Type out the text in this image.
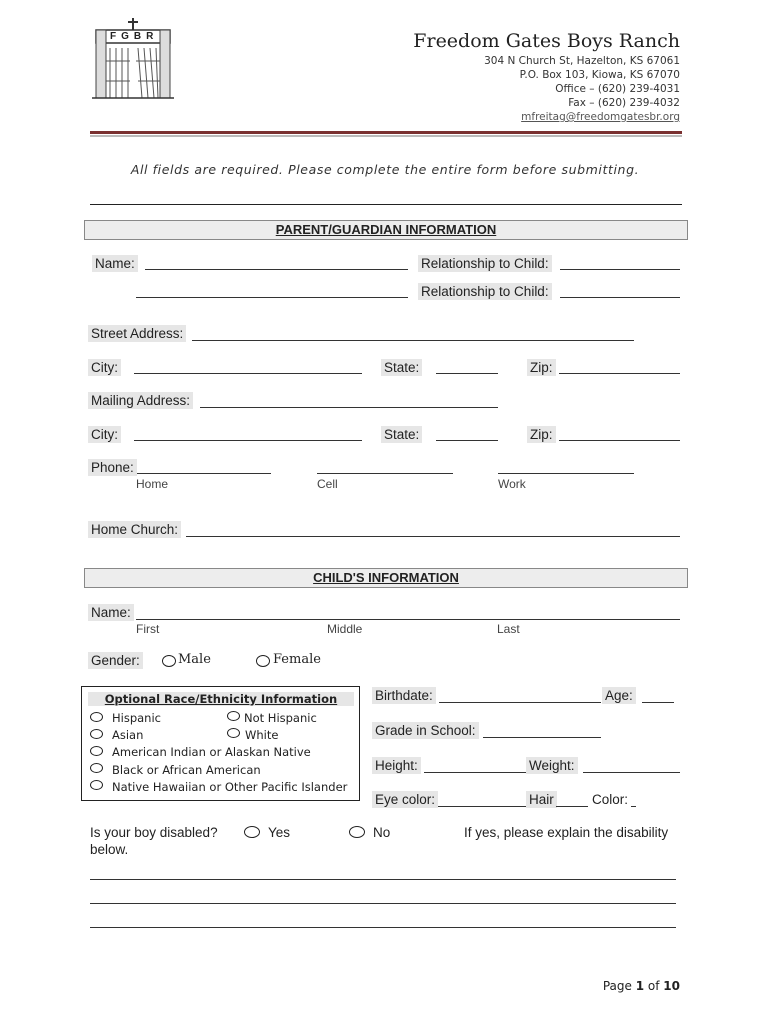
FGBR	Freedom Gates Boys Ranch
304 N Church St, Hazelton, KS 67061
P.O. Box 103, Kiowa, KS 67070
Office – (620) 239-4031
Fax – (620) 239-4032
mfreitag@freedomgatesbr.org
All fields are required. Please complete the entire form before submitting.
PARENT/GUARDIAN INFORMATION
Name:	Relationship to Child:
Relationship to Child:
Street Address:
City:	State:	Zip:
Mailing Address:
City:	State:	Zip:
Phone:
Home	Cell	Work
Home Church:
CHILD'S INFORMATION
Name:
First	Middle	Last
Gender:	Male	Female
Optional Race/Ethnicity Information
Hispanic	Not Hispanic
Asian	White
American Indian or Alaskan Native
Black or African American
Native Hawaiian or Other Pacific Islander
Birthdate:	Age:
Grade in School:
Height:	Weight:
Eye color:	Hair	Color:
Is your boy disabled?	Yes	No	If yes, please explain the disability
below.
Page 1 of 10
